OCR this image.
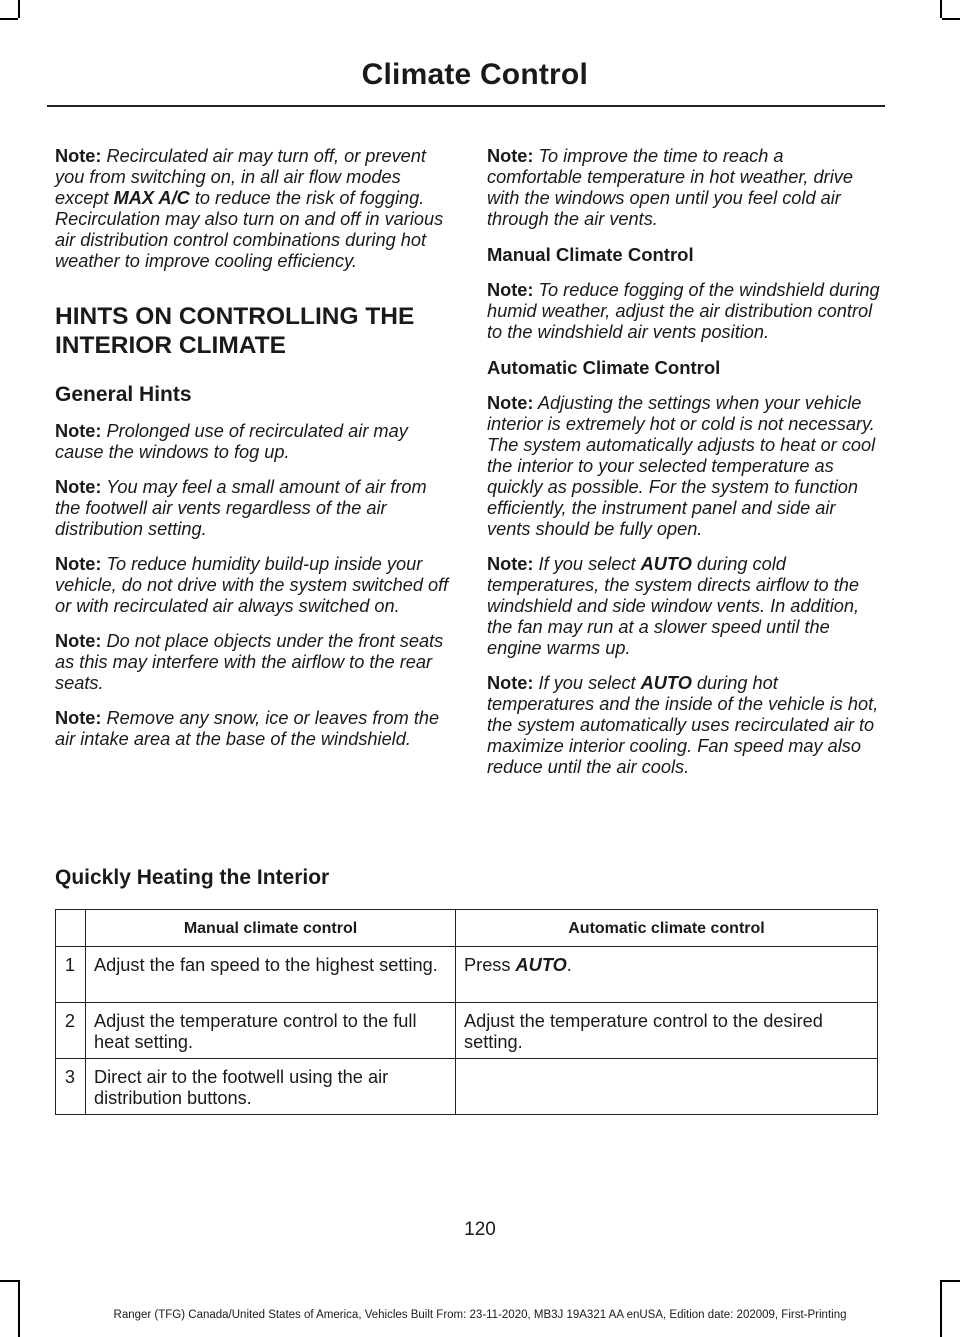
Climate Control

Note: Recirculated air may turn off, or prevent you from switching on, in all air flow modes except MAX A/C to reduce the risk of fogging. Recirculation may also turn on and off in various air distribution control combinations during hot weather to improve cooling efficiency.

HINTS ON CONTROLLING THE
INTERIOR CLIMATE
General Hints

Note: Prolonged use of recirculated air may cause the windows to fog up.

Note: You may feel a small amount of air from the footwell air vents regardless of the air distribution setting.

Note: To reduce humidity build-up inside your vehicle, do not drive with the system switched off or with recirculated air always switched on.

Note: Do not place objects under the front seats as this may interfere with the airflow to the rear seats.

Note: Remove any snow, ice or leaves from the air intake area at the base of the windshield.

Note: To improve the time to reach a comfortable temperature in hot weather, drive with the windows open until you feel cold air through the air vents.

Manual Climate Control

Note: To reduce fogging of the windshield during humid weather, adjust the air distribution control to the windshield air vents position.

Automatic Climate Control

Note: Adjusting the settings when your vehicle interior is extremely hot or cold is not necessary. The system automatically adjusts to heat or cool the interior to your selected temperature as quickly as possible. For the system to function efficiently, the instrument panel and side air vents should be fully open.

Note: If you select AUTO during cold temperatures, the system directs airflow to the windshield and side window vents. In addition, the fan may run at a slower speed until the engine warms up.

Note: If you select AUTO during hot temperatures and the inside of the vehicle is hot, the system automatically uses recirculated air to maximize interior cooling. Fan speed may also reduce until the air cools.

Quickly Heating the Interior
	Manual climate control	Automatic climate control
1	Adjust the fan speed to the highest setting.	Press AUTO.
2	Adjust the temperature control to the full heat setting.	Adjust the temperature control to the desired setting.
3	Direct air to the footwell using the air distribution buttons.	
120
Ranger (TFG) Canada/United States of America, Vehicles Built From: 23-11-2020, MB3J 19A321 AA enUSA, Edition date: 202009, First-Printing
